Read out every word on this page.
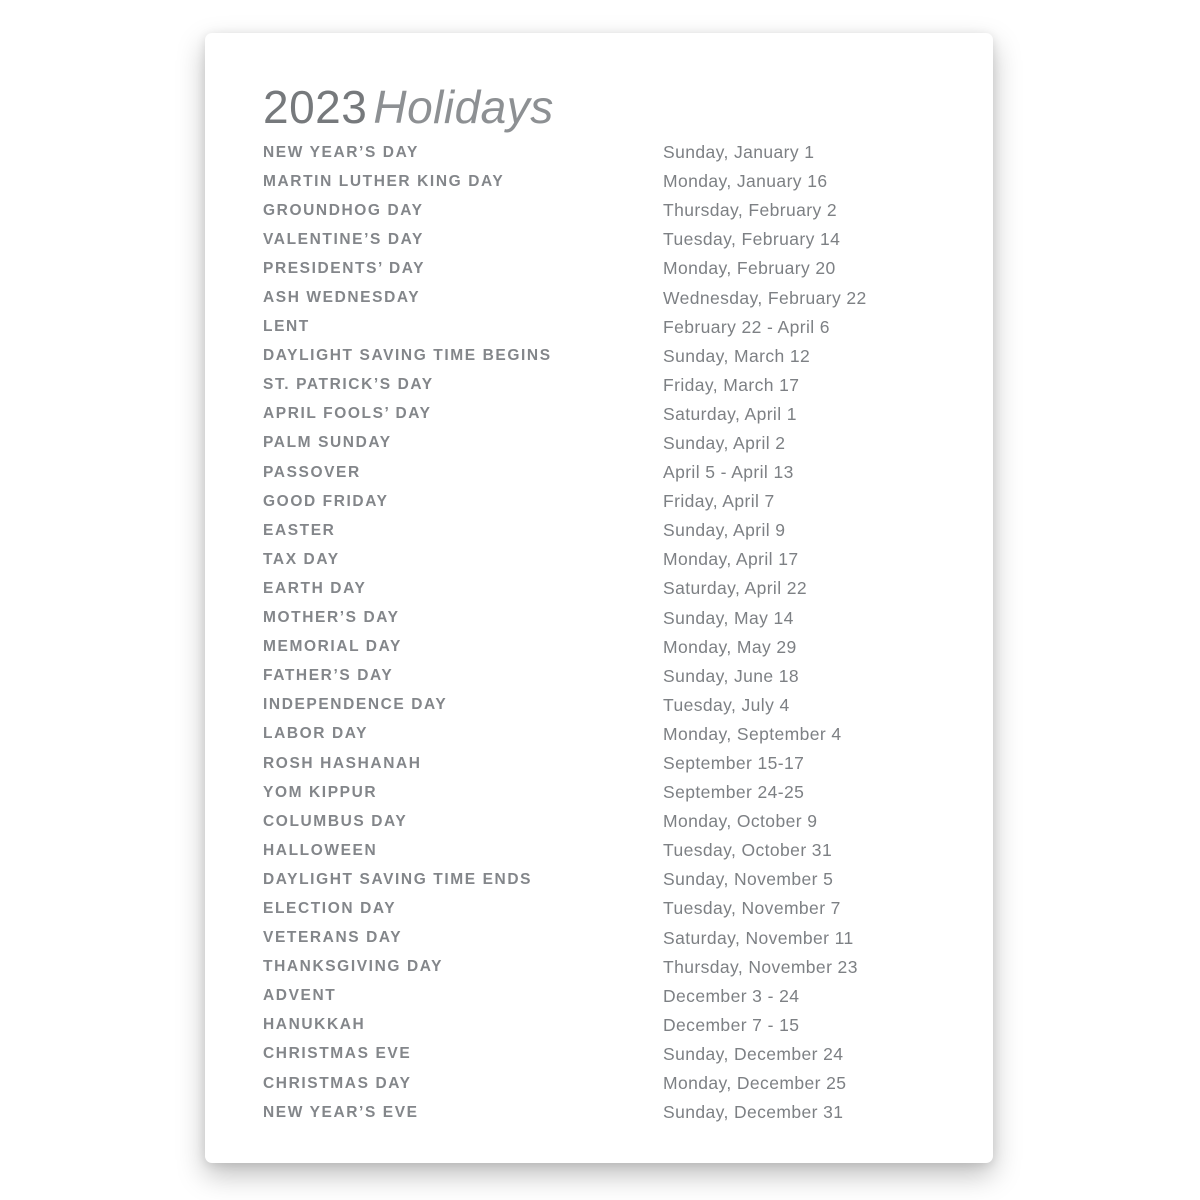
2023 Holidays
NEW YEAR’S DAY	Sunday, January 1
MARTIN LUTHER KING DAY	Monday, January 16
GROUNDHOG DAY	Thursday, February 2
VALENTINE’S DAY	Tuesday, February 14
PRESIDENTS’ DAY	Monday, February 20
ASH WEDNESDAY	Wednesday, February 22
LENT	February 22 - April 6
DAYLIGHT SAVING TIME BEGINS	Sunday, March 12
ST. PATRICK’S DAY	Friday, March 17
APRIL FOOLS’ DAY	Saturday, April 1
PALM SUNDAY	Sunday, April 2
PASSOVER	April 5 - April 13
GOOD FRIDAY	Friday, April 7
EASTER	Sunday, April 9
TAX DAY	Monday, April 17
EARTH DAY	Saturday, April 22
MOTHER’S DAY	Sunday, May 14
MEMORIAL DAY	Monday, May 29
FATHER’S DAY	Sunday, June 18
INDEPENDENCE DAY	Tuesday, July 4
LABOR DAY	Monday, September 4
ROSH HASHANAH	September 15-17
YOM KIPPUR	September 24-25
COLUMBUS DAY	Monday, October 9
HALLOWEEN	Tuesday, October 31
DAYLIGHT SAVING TIME ENDS	Sunday, November 5
ELECTION DAY	Tuesday, November 7
VETERANS DAY	Saturday, November 11
THANKSGIVING DAY	Thursday, November 23
ADVENT	December 3 - 24
HANUKKAH	December 7 - 15
CHRISTMAS EVE	Sunday, December 24
CHRISTMAS DAY	Monday, December 25
NEW YEAR’S EVE	Sunday, December 31
